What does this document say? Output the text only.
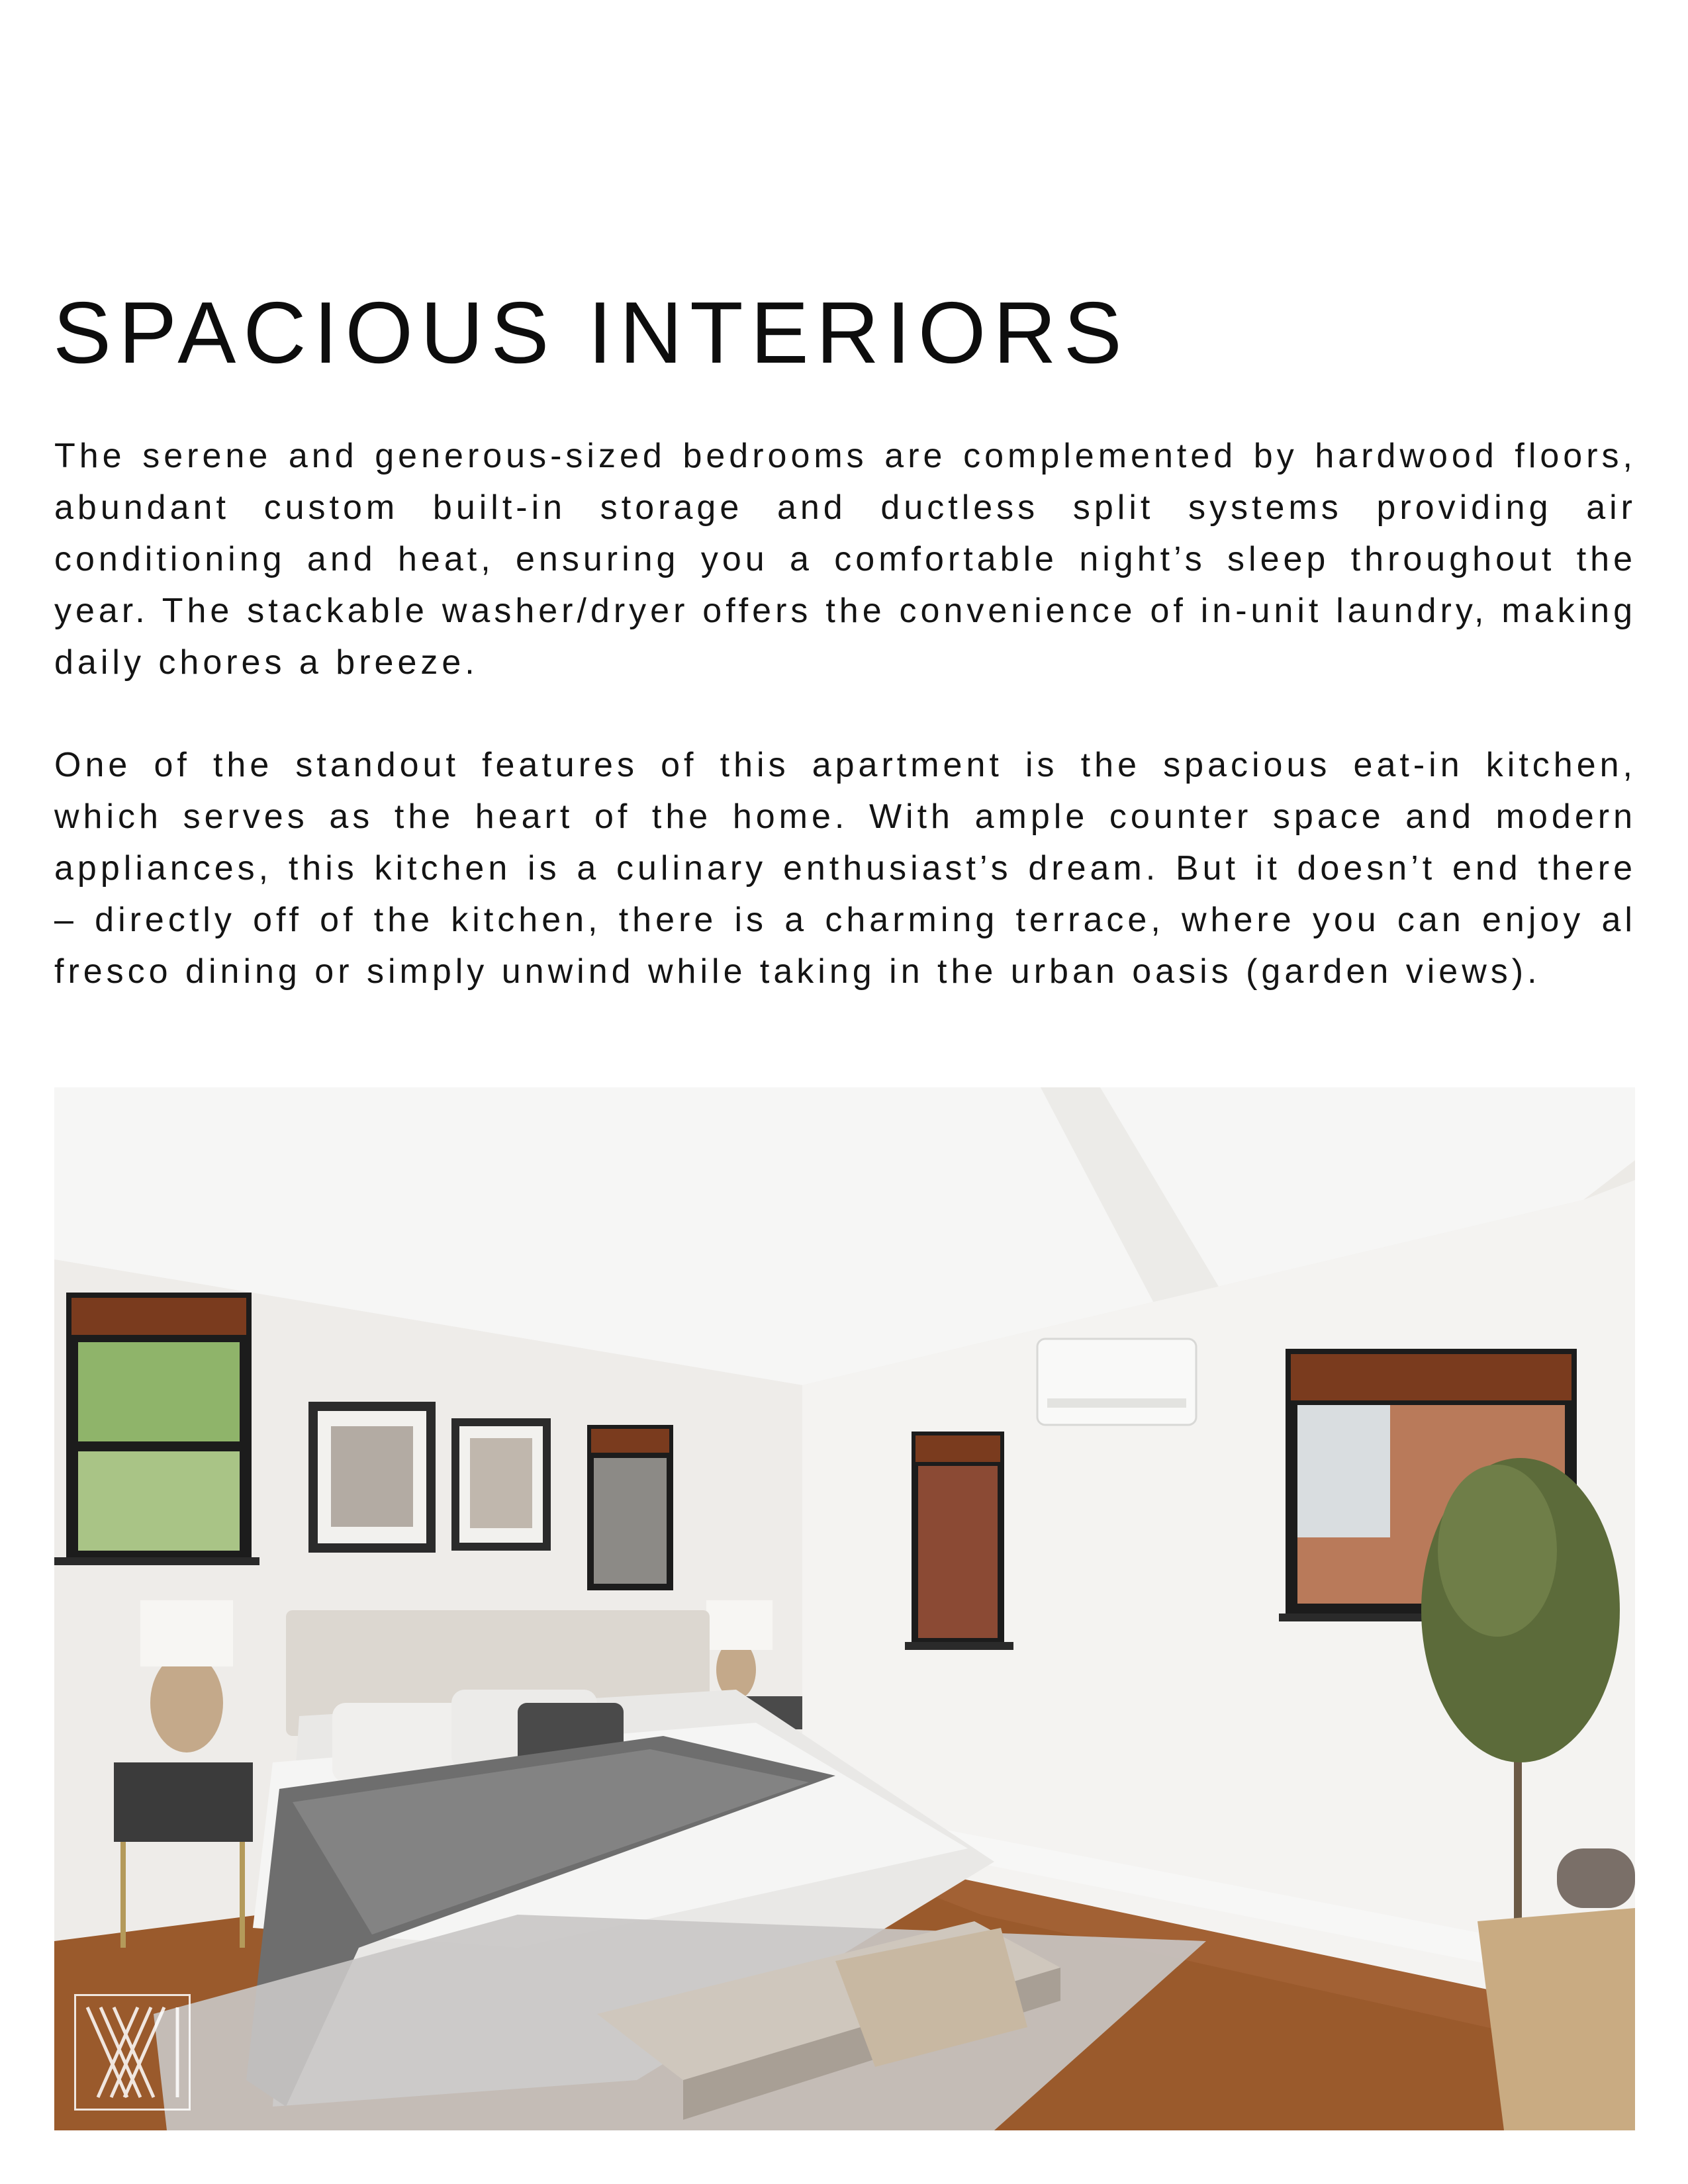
SPACIOUS INTERIORS

The serene and generous-sized bedrooms are complemented by hardwood floors, abundant custom built-in storage and ductless split systems providing air conditioning and heat, ensuring you a comfortable night’s sleep throughout the year. The stackable washer/dryer offers the convenience of in-unit laundry, making daily chores a breeze.

One of the standout features of this apartment is the spacious eat-in kitchen, which serves as the heart of the home. With ample counter space and modern appliances, this kitchen is a culinary enthusiast’s dream. But it doesn’t end there – directly off of the kitchen, there is a charming terrace, where you can enjoy al fresco dining or simply unwind while taking in the urban oasis (garden views).
